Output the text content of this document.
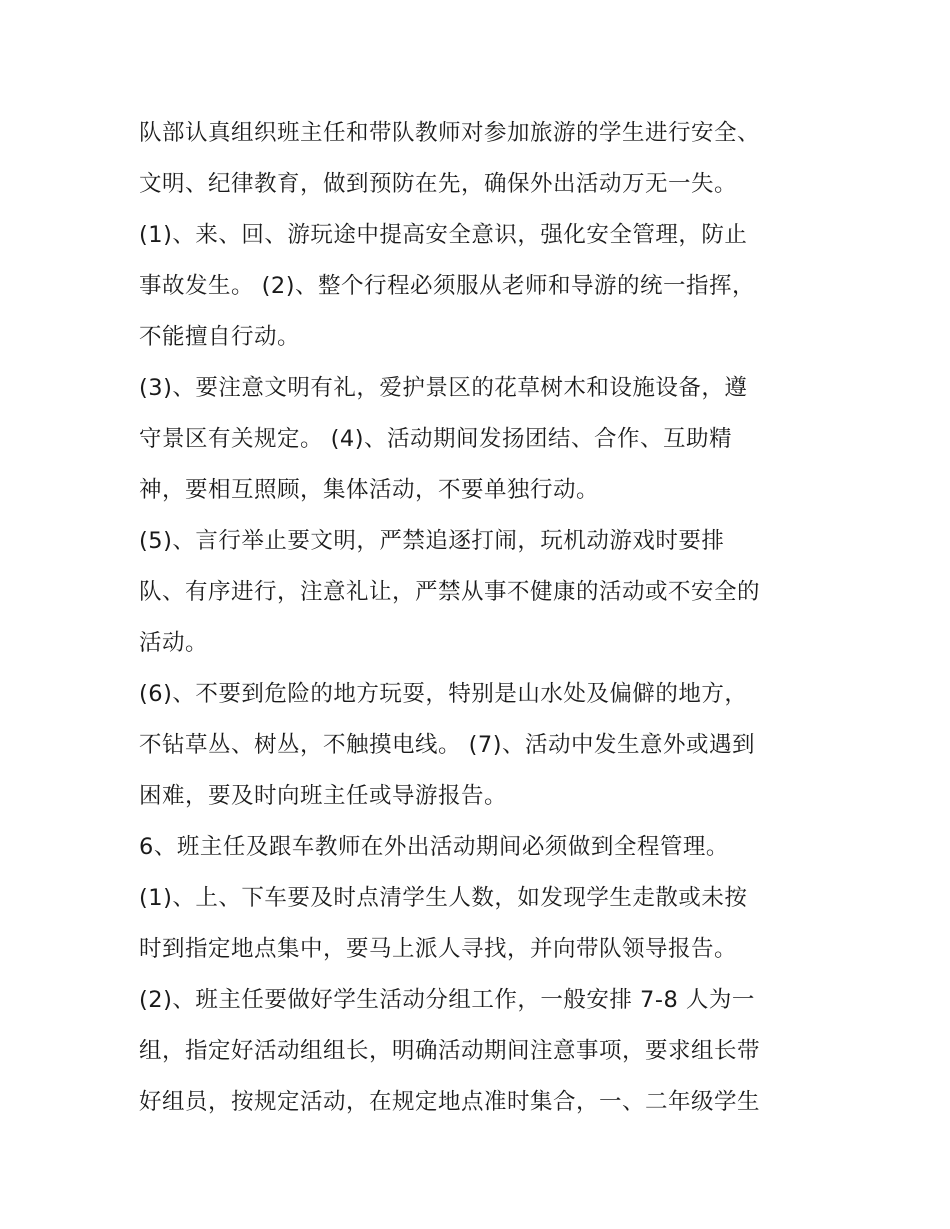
队部认真组织班主任和带队教师对参加旅游的学生进行安全、
文明、纪律教育，做到预防在先，确保外出活动万无一失。
(1)、来、回、游玩途中提高安全意识，强化安全管理，防止
事故发生。 (2)、整个行程必须服从老师和导游的统一指挥，
不能擅自行动。
(3)、要注意文明有礼，爱护景区的花草树木和设施设备，遵
守景区有关规定。 (4)、活动期间发扬团结、合作、互助精
神，要相互照顾，集体活动，不要单独行动。
(5)、言行举止要文明，严禁追逐打闹，玩机动游戏时要排
队、有序进行，注意礼让，严禁从事不健康的活动或不安全的
活动。
(6)、不要到危险的地方玩耍，特别是山水处及偏僻的地方，
不钻草丛、树丛，不触摸电线。 (7)、活动中发生意外或遇到
困难，要及时向班主任或导游报告。
6、班主任及跟车教师在外出活动期间必须做到全程管理。
(1)、上、下车要及时点清学生人数，如发现学生走散或未按
时到指定地点集中，要马上派人寻找，并向带队领导报告。
(2)、班主任要做好学生活动分组工作，一般安排 7-8 人为一
组，指定好活动组组长，明确活动期间注意事项，要求组长带
好组员，按规定活动，在规定地点准时集合，一、二年级学生
